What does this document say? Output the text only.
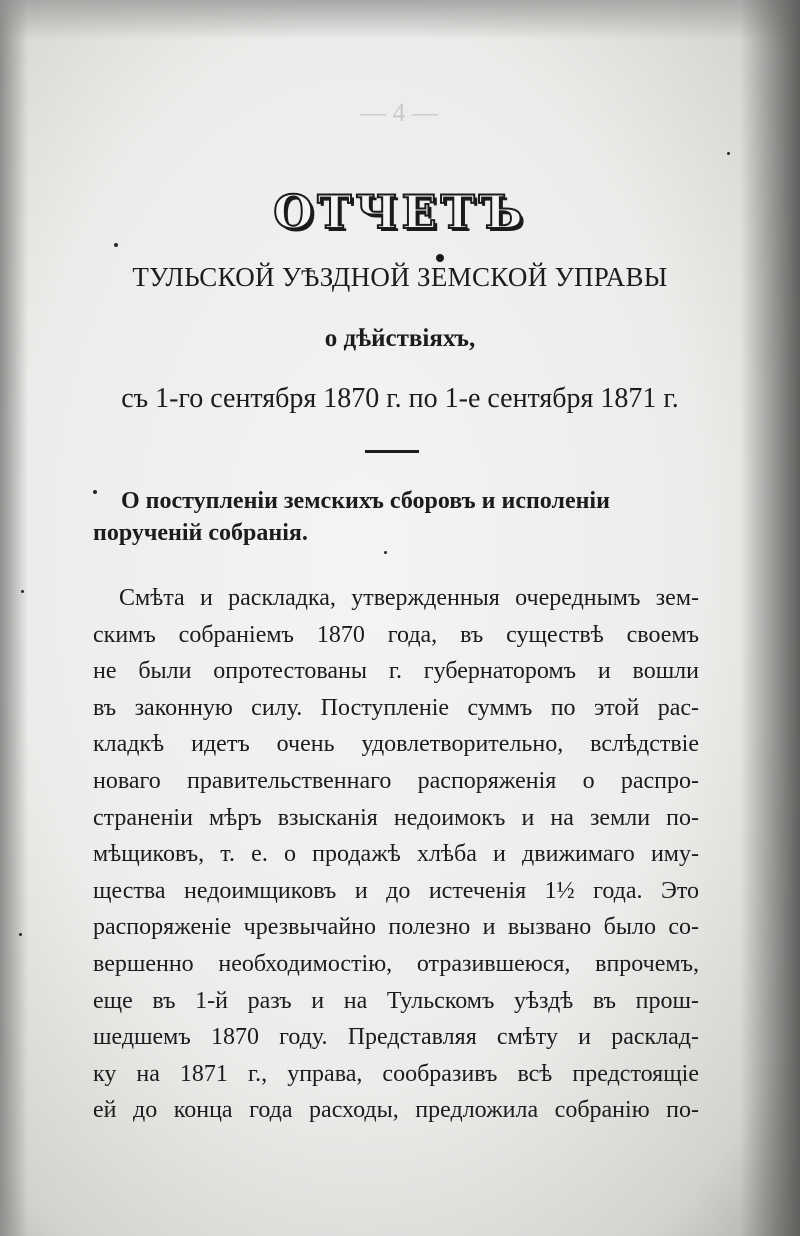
— 4 —
ОТЧЕТЪ
ТУЛЬСКОЙ УѢЗДНОЙ ЗЕМСКОЙ УПРАВЫ
о дѣйствіяхъ,
съ 1-го сентября 1870 г. по 1-е сентября 1871 г.
О поступленіи земскихъ сборовъ и исполеніи порученій собранія.
Смѣта и раскладка, утвержденныя очереднымъ зем-
скимъ собраніемъ 1870 года, въ существѣ своемъ
не были опротестованы г. губернаторомъ и вошли
въ законную силу. Поступленіе суммъ по этой рас-
кладкѣ идетъ очень удовлетворительно, вслѣдствіе
новаго правительственнаго распоряженія о распро-
страненіи мѣръ взысканія недоимокъ и на земли по-
мѣщиковъ, т. е. о продажѣ хлѣба и движимаго иму-
щества недоимщиковъ и до истеченія 1½ года. Это
распоряженіе чрезвычайно полезно и вызвано было со-
вершенно необходимостію, отразившеюся, впрочемъ,
еще въ 1-й разъ и на Тульскомъ уѣздѣ въ прош-
шедшемъ 1870 году. Представляя смѣту и расклад-
ку на 1871 г., управа, сообразивъ всѣ предстоящіе
ей до конца года расходы, предложила собранію по-
